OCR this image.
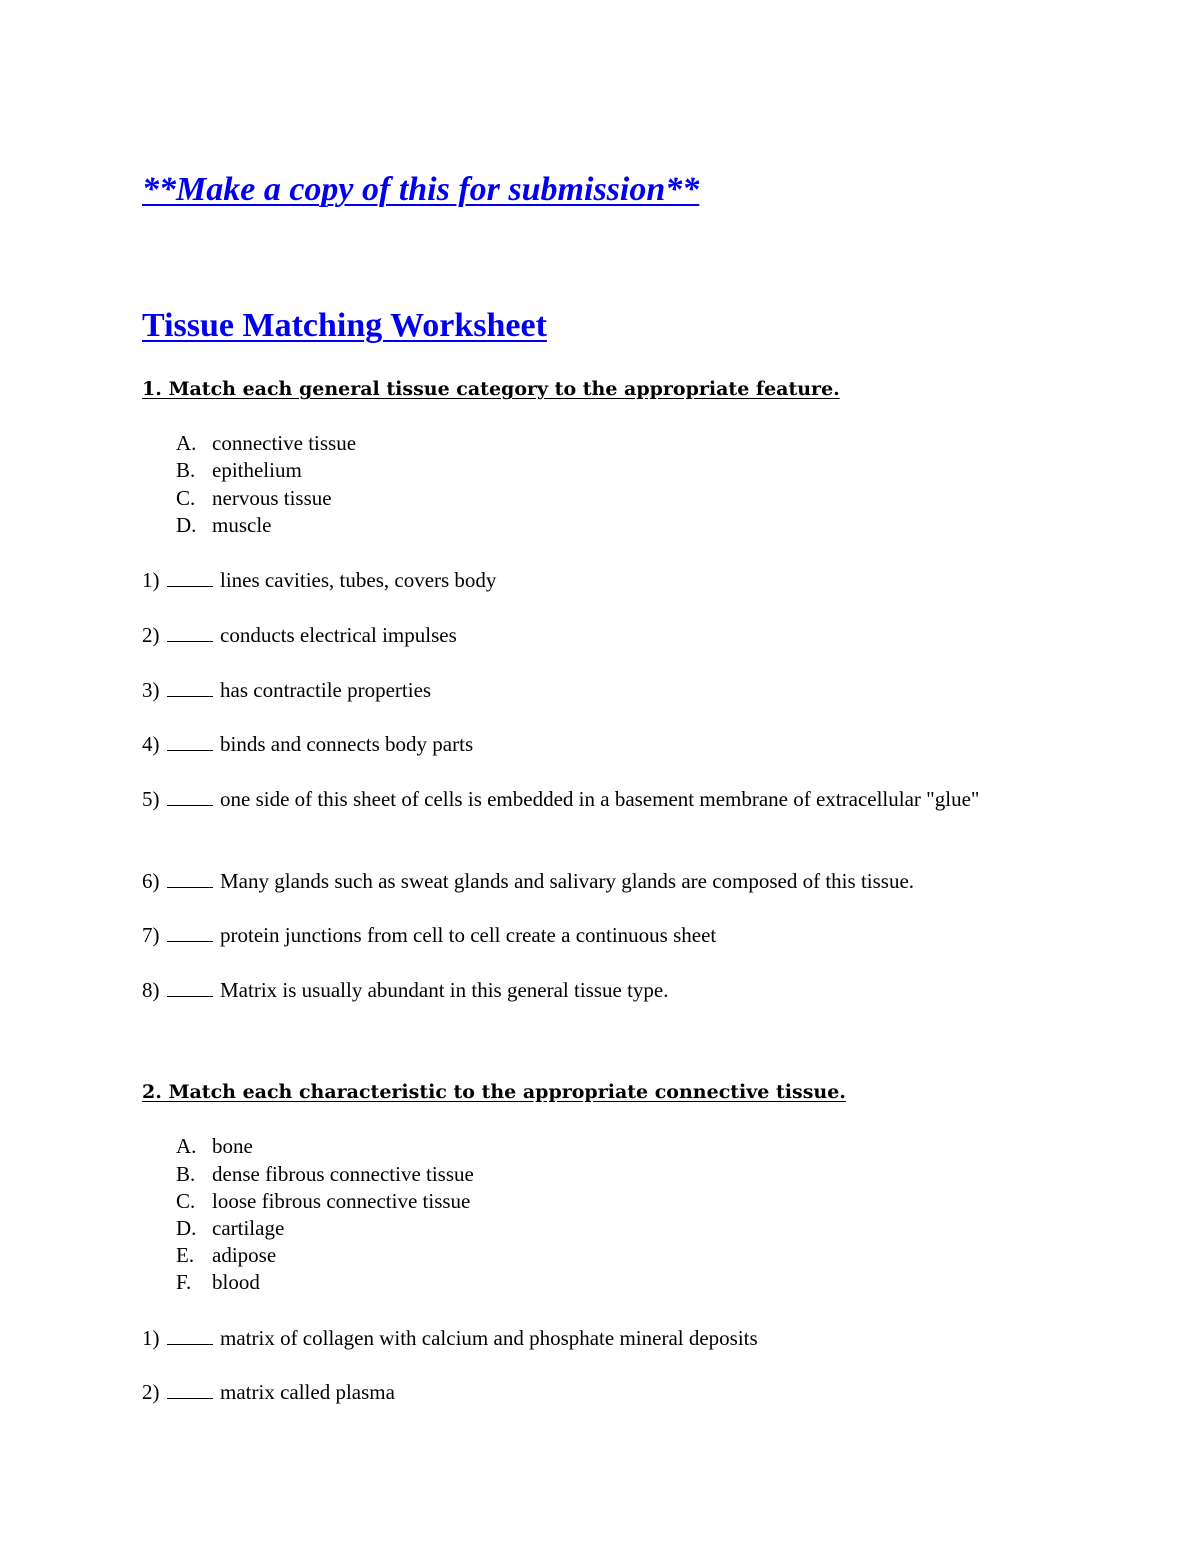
**Make a copy of this for submission**
Tissue Matching Worksheet
1. Match each general tissue category to the appropriate feature.
A. connective tissue
B. epithelium
C. nervous tissue
D. muscle
1)	lines cavities, tubes, covers body
2)	conducts electrical impulses
3)	has contractile properties
4)	binds and connects body parts
5)	one side of this sheet of cells is embedded in a basement membrane of extracellular "glue"
6)	Many glands such as sweat glands and salivary glands are composed of this tissue.
7)	protein junctions from cell to cell create a continuous sheet
8)	Matrix is usually abundant in this general tissue type.
2. Match each characteristic to the appropriate connective tissue.
A. bone
B. dense fibrous connective tissue
C. loose fibrous connective tissue
D. cartilage
E. adipose
F. blood
1)	matrix of collagen with calcium and phosphate mineral deposits
2)	matrix called plasma
